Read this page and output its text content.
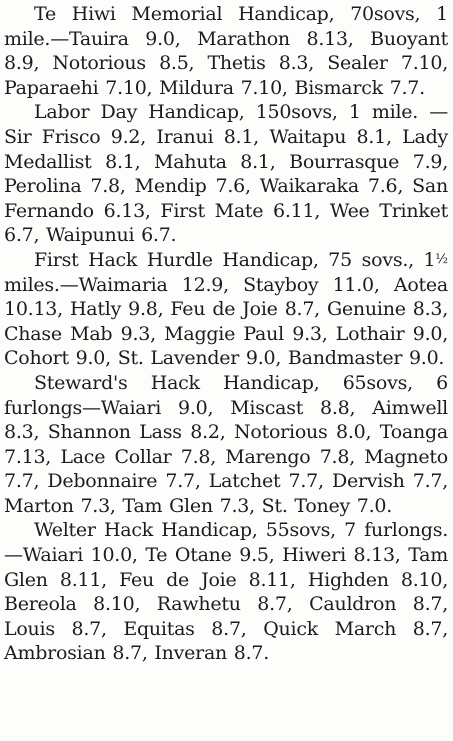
Te Hiwi Memorial Handicap, 70sovs, 1 mile.—Tauira 9.0, Marathon 8.13, Buoyant 8.9, Notorious 8.5, Thetis 8.3, Sealer 7.10, Paparaehi 7.10, Mildura 7.10, Bismarck 7.7.

Labor Day Handicap, 150sovs, 1 mile. —Sir Frisco 9.2, Iranui 8.1, Waitapu 8.1, Lady Medallist 8.1, Mahuta 8.1, Bourrasque 7.9, Perolina 7.8, Mendip 7.6, Waikaraka 7.6, San Fernando 6.13, First Mate 6.11, Wee Trinket 6.7, Waipunui 6.7.

First Hack Hurdle Handicap, 75 sovs., 1½ miles.—Waimaria 12.9, Stayboy 11.0, Aotea 10.13, Hatly 9.8, Feu de Joie 8.7, Genuine 8.3, Chase Mab 9.3, Maggie Paul 9.3, Lothair 9.0, Cohort 9.0, St. Lavender 9.0, Bandmaster 9.0.

Steward's Hack Handicap, 65sovs, 6 furlongs—Waiari 9.0, Miscast 8.8, Aimwell 8.3, Shannon Lass 8.2, Notorious 8.0, Toanga 7.13, Lace Collar 7.8, Marengo 7.8, Magneto 7.7, Debonnaire 7.7, Latchet 7.7, Dervish 7.7, Marton 7.3, Tam Glen 7.3, St. Toney 7.0.

Welter Hack Handicap, 55sovs, 7 furlongs.—Waiari 10.0, Te Otane 9.5, Hiweri 8.13, Tam Glen 8.11, Feu de Joie 8.11, Highden 8.10, Bereola 8.10, Rawhetu 8.7, Cauldron 8.7, Louis 8.7, Equitas 8.7, Quick March 8.7, Ambrosian 8.7, Inveran 8.7.
